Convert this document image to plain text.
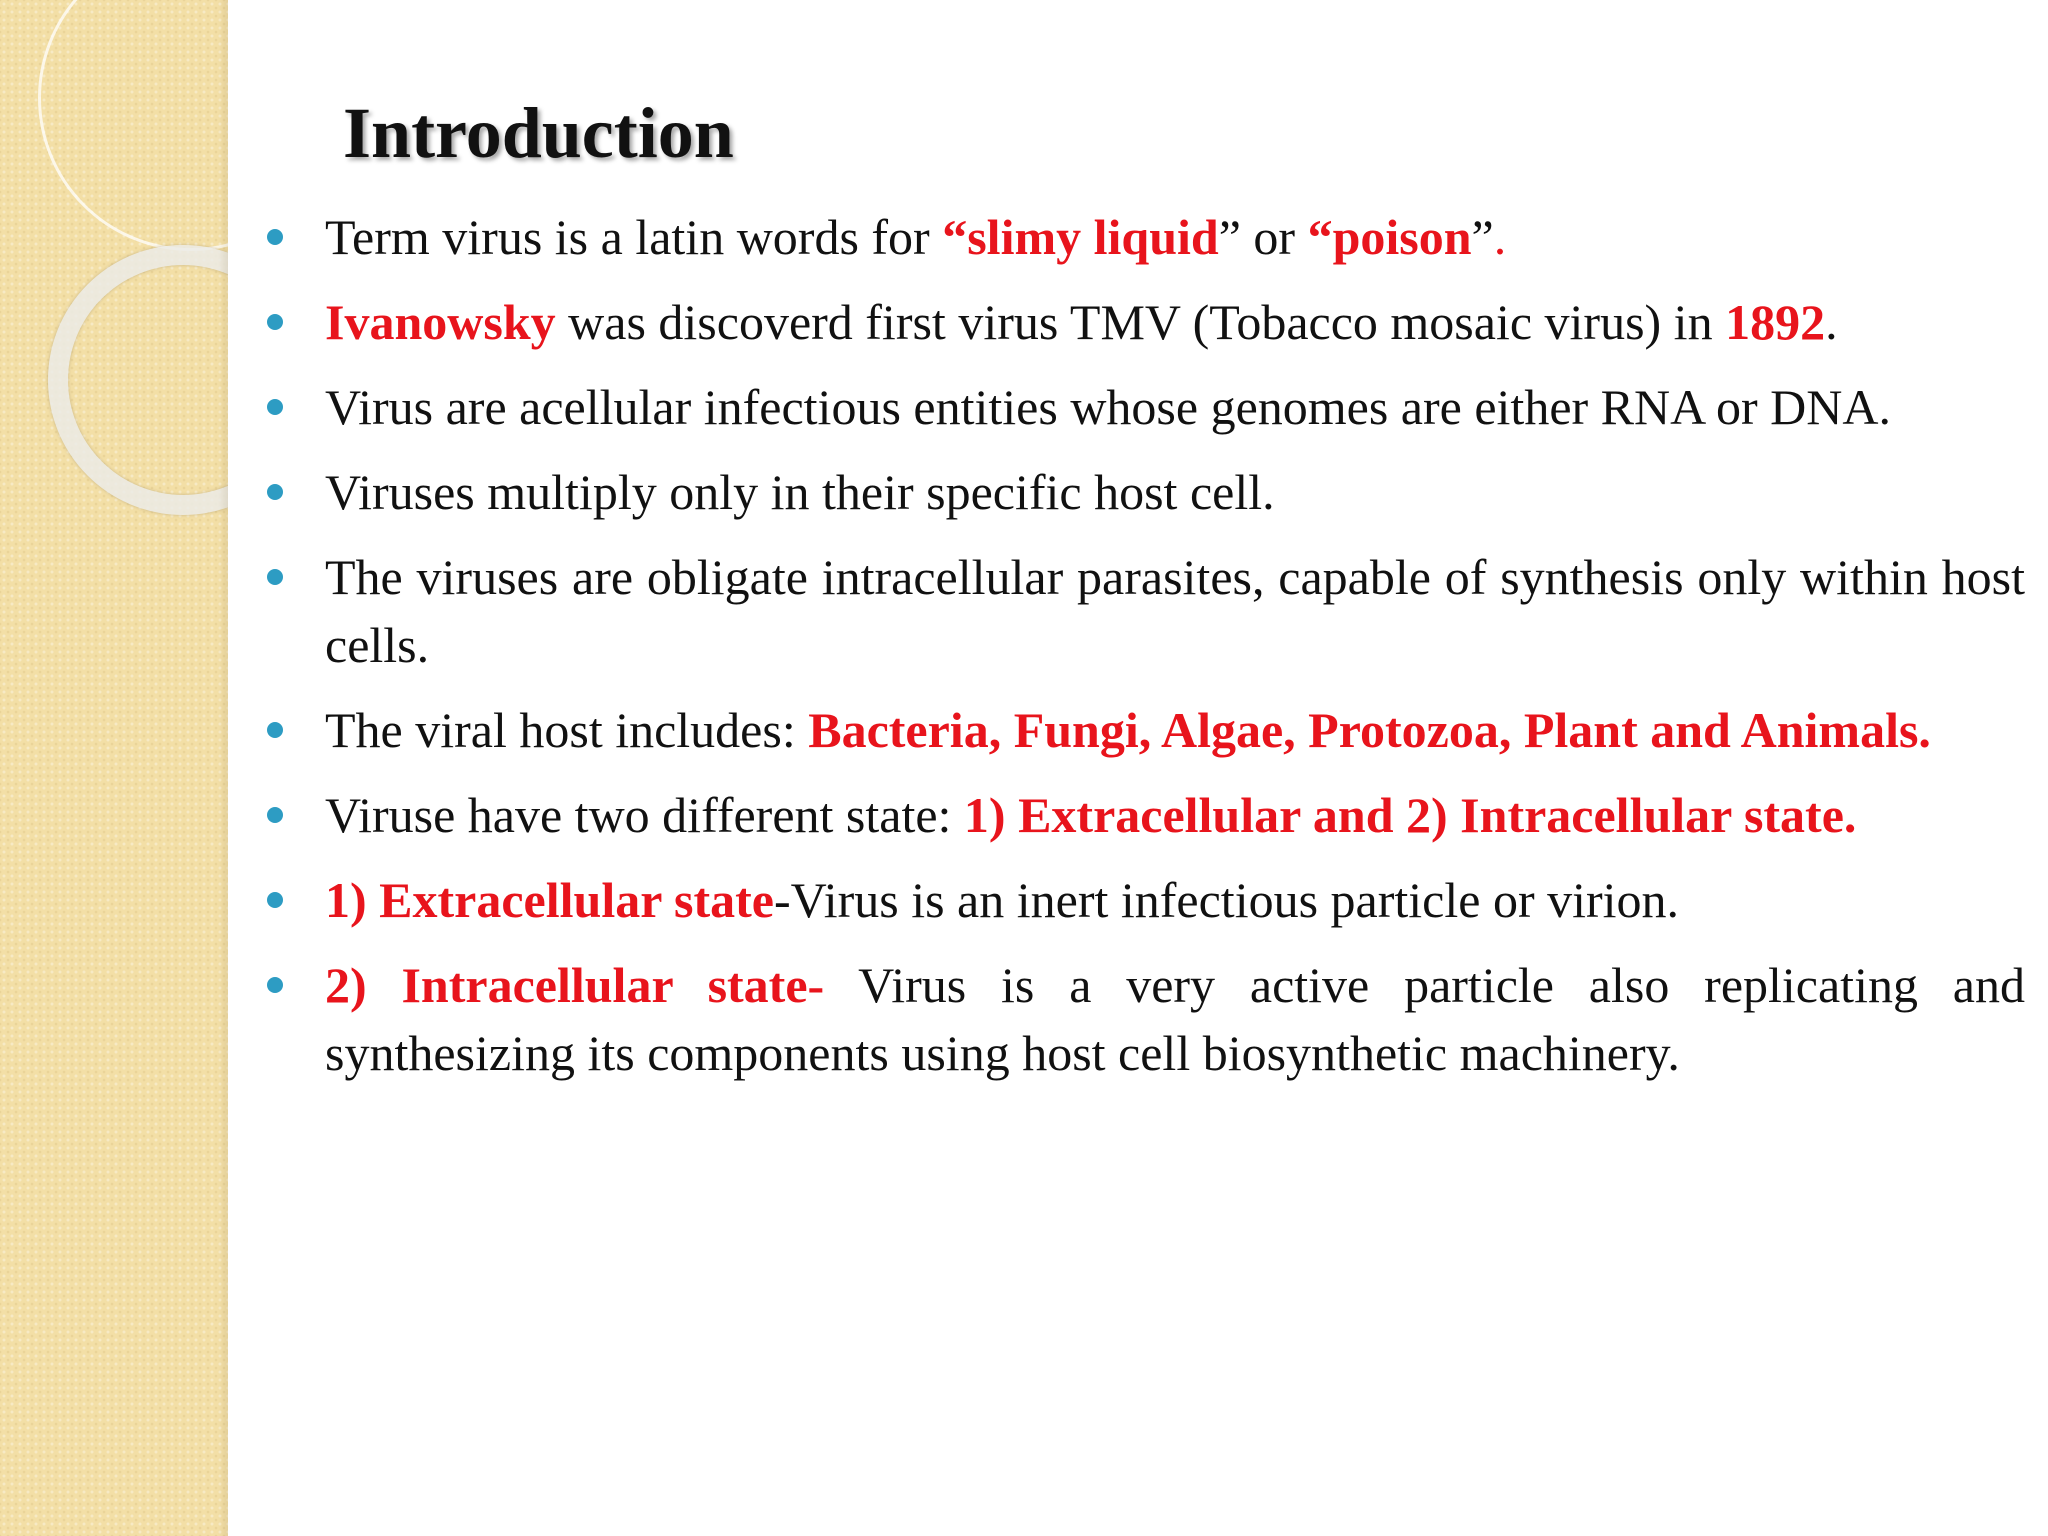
Introduction
Term virus is a latin words for “slimy liquid” or “poison”.
Ivanowsky was discoverd first virus TMV (Tobacco mosaic virus) in 1892.
Virus are acellular infectious entities whose genomes are either RNA or DNA.
Viruses multiply only in their specific host cell.
The viruses are obligate intracellular parasites, capable of synthesis only within host cells.
The viral host includes: Bacteria, Fungi, Algae, Protozoa, Plant and Animals.
Viruse have two different state: 1) Extracellular and 2) Intracellular state.
1) Extracellular state-Virus is an inert infectious particle or virion.
2) Intracellular state- Virus is a very active particle also replicating and synthesizing its components using host cell biosynthetic machinery.
